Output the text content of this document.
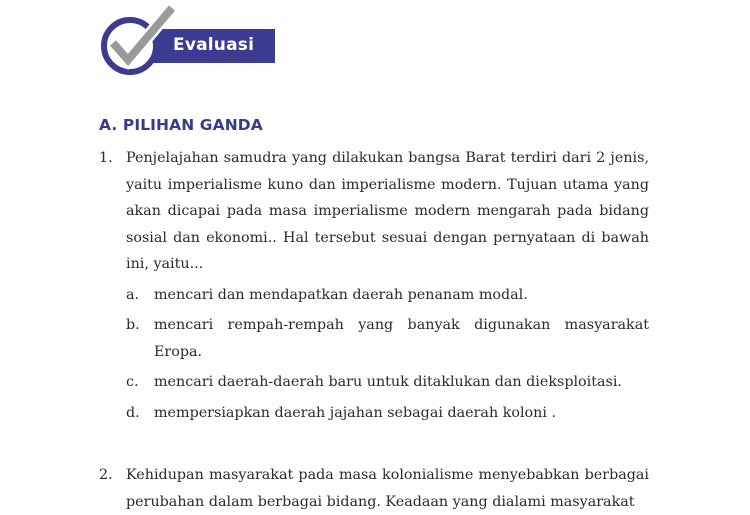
Evaluasi
A. PILIHAN GANDA
1. Penjelajahan samudra yang dilakukan bangsa Barat terdiri dari 2 jenis, yaitu imperialisme kuno dan imperialisme modern. Tujuan utama yang akan dicapai pada masa imperialisme modern mengarah pada bidang sosial dan ekonomi.. Hal tersebut sesuai dengan pernyataan di bawah ini, yaitu...
a. mencari dan mendapatkan daerah penanam modal.
b. mencari rempah-rempah yang banyak digunakan masyarakat Eropa.
c. mencari daerah-daerah baru untuk ditaklukan dan dieksploitasi.
d. mempersiapkan daerah jajahan sebagai daerah koloni .
2. Kehidupan masyarakat pada masa kolonialisme menyebabkan berbagai perubahan dalam berbagai bidang. Keadaan yang dialami masyarakat
